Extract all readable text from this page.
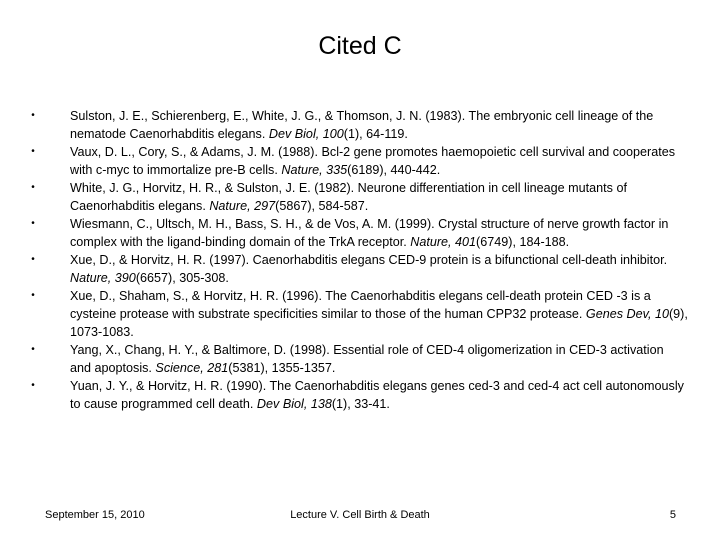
Cited C
•	Sulston, J. E., Schierenberg, E., White, J. G., & Thomson, J. N. (1983). The embryonic cell lineage of the nematode Caenorhabditis elegans. Dev Biol, 100(1), 64-119.
•	Vaux, D. L., Cory, S., & Adams, J. M. (1988). Bcl-2 gene promotes haemopoietic cell survival and cooperates with c-myc to immortalize pre-B cells. Nature, 335(6189), 440-442.
•	White, J. G., Horvitz, H. R., & Sulston, J. E. (1982). Neurone differentiation in cell lineage mutants of Caenorhabditis elegans. Nature, 297(5867), 584-587.
•	Wiesmann, C., Ultsch, M. H., Bass, S. H., & de Vos, A. M. (1999). Crystal structure of nerve growth factor in complex with the ligand-binding domain of the TrkA receptor. Nature, 401(6749), 184-188.
•	Xue, D., & Horvitz, H. R. (1997). Caenorhabditis elegans CED-9 protein is a bifunctional cell-death inhibitor. Nature, 390(6657), 305-308.
•	Xue, D., Shaham, S., & Horvitz, H. R. (1996). The Caenorhabditis elegans cell-death protein CED -3 is a cysteine protease with substrate specificities similar to those of the human CPP32 protease. Genes Dev, 10(9), 1073-1083.
•	Yang, X., Chang, H. Y., & Baltimore, D. (1998). Essential role of CED-4 oligomerization in CED-3 activation and apoptosis. Science, 281(5381), 1355-1357.
•	Yuan, J. Y., & Horvitz, H. R. (1990). The Caenorhabditis elegans genes ced-3 and ced-4 act cell autonomously to cause programmed cell death. Dev Biol, 138(1), 33-41.
September 15, 2010	Lecture V. Cell Birth & Death	5
